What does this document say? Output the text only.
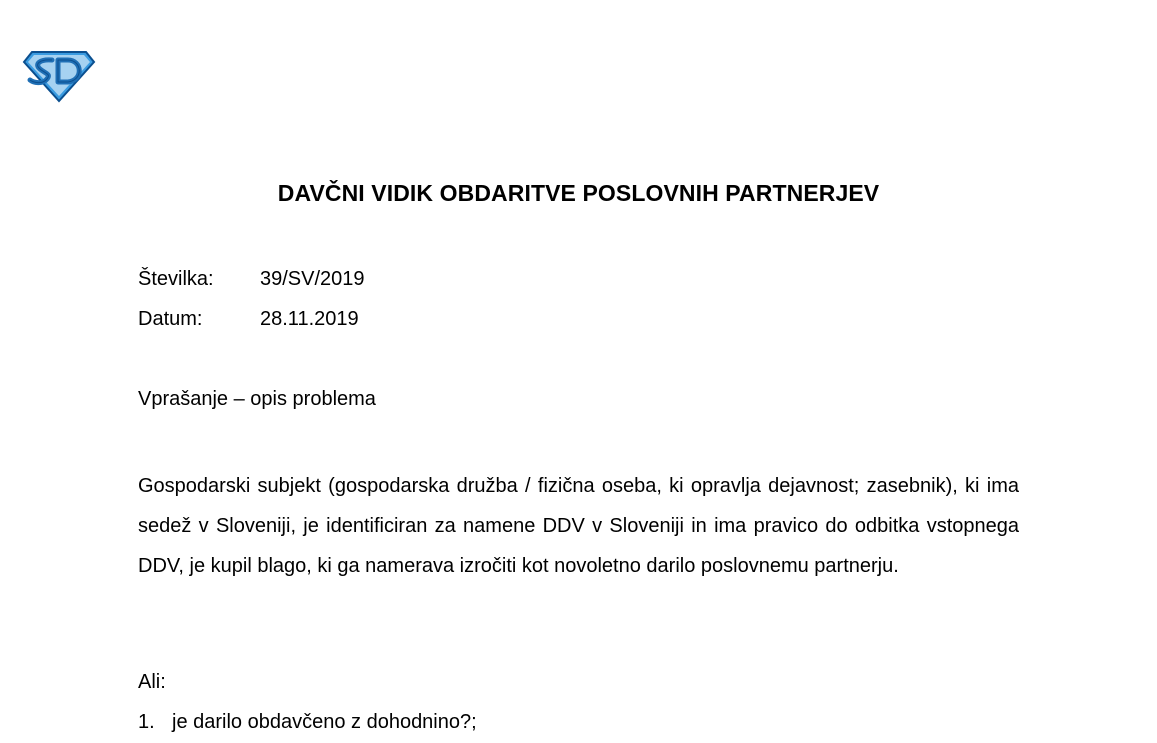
DAVČNI VIDIK OBDARITVE POSLOVNIH PARTNERJEV
Številka: 39/SV/2019
Datum:	28.11.2019
Vprašanje – opis problema

Gospodarski subjekt (gospodarska družba / fizična oseba, ki opravlja dejavnost; zasebnik), ki ima sedež v Sloveniji, je identificiran za namene DDV v Sloveniji in ima pravico do odbitka vstopnega DDV, je kupil blago, ki ga namerava izročiti kot novoletno darilo poslovnemu partnerju.

Ali:
1. je darilo obdavčeno z dohodnino?;
